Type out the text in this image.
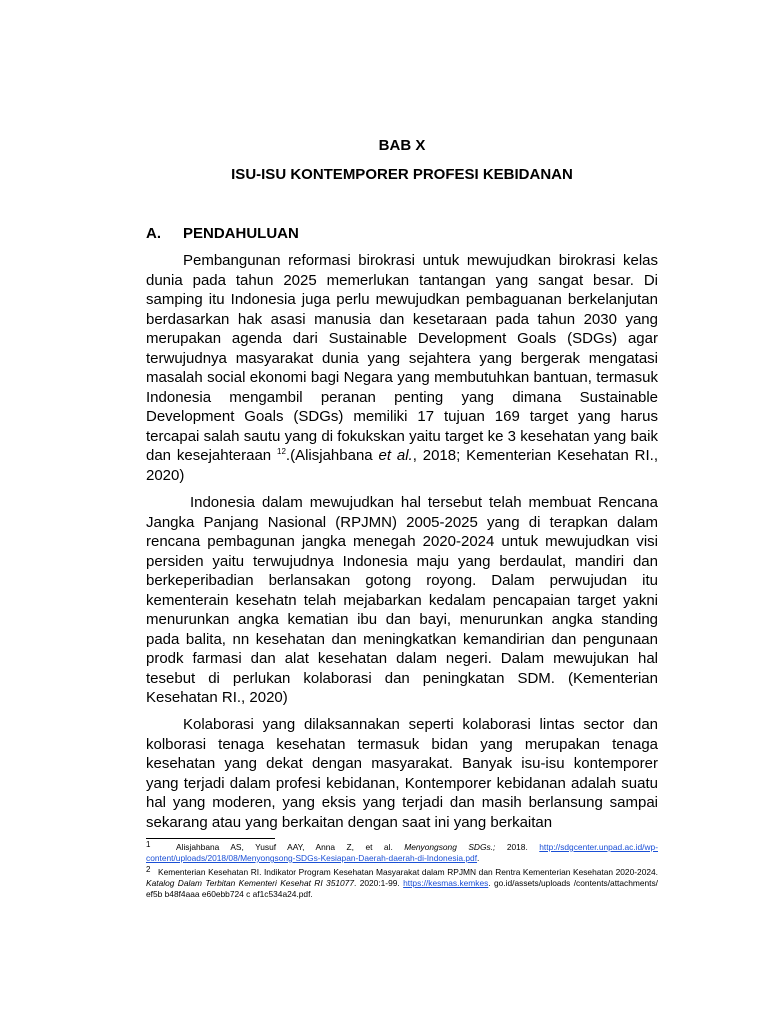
BAB X
ISU-ISU KONTEMPORER PROFESI KEBIDANAN
A. PENDAHULUAN

Pembangunan reformasi birokrasi untuk mewujudkan birokrasi kelas dunia pada tahun 2025 memerlukan tantangan yang sangat besar. Di samping itu Indonesia juga perlu mewujudkan pembaguanan berkelanjutan berdasarkan hak asasi manusia dan kesetaraan pada tahun 2030 yang merupakan agenda dari Sustainable Development Goals (SDGs) agar terwujudnya masyarakat dunia yang sejahtera yang bergerak mengatasi masalah social ekonomi bagi Negara yang membutuhkan bantuan, termasuk Indonesia mengambil peranan penting yang dimana Sustainable Development Goals (SDGs) memiliki 17 tujuan 169 target yang harus tercapai salah sautu yang di fokukskan yaitu target ke 3 kesehatan yang baik dan kesejahteraan $^{12}$.(Alisjahbana et al., 2018; Kementerian Kesehatan RI., 2020)

Indonesia dalam mewujudkan hal tersebut telah membuat Rencana Jangka Panjang Nasional (RPJMN) 2005-2025 yang di terapkan dalam rencana pembagunan jangka menegah 2020-2024 untuk mewujudkan visi persiden yaitu terwujudnya Indonesia maju yang berdaulat, mandiri dan berkeperibadian berlansakan gotong royong. Dalam perwujudan itu kementerain kesehatn telah mejabarkan kedalam pencapaian target yakni menurunkan angka kematian ibu dan bayi, menurunkan angka standing pada balita, nn kesehatan dan meningkatkan kemandirian dan pengunaan prodk farmasi dan alat kesehatan dalam negeri. Dalam mewujukan hal tesebut di perlukan kolaborasi dan peningkatan SDM. (Kementerian Kesehatan RI., 2020)

Kolaborasi yang dilaksannakan seperti kolaborasi lintas sector dan kolborasi tenaga kesehatan termasuk bidan yang merupakan tenaga kesehatan yang dekat dengan masyarakat. Banyak isu-isu kontemporer yang terjadi dalam profesi kebidanan, Kontemporer kebidanan adalah suatu hal yang moderen, yang eksis yang terjadi dan masih berlansung sampai sekarang atau yang berkaitan dengan saat ini yang berkaitan

1	Alisjahbana AS, Yusuf AAY, Anna Z, et al. Menyongsong SDGs.; 2018. http://sdgcenter.unpad.ac.id/wp-content/uploads/2018/08/Menyongsong-SDGs-Kesiapan-Daerah-daerah-di-Indonesia.pdf.

2 Kementerian Kesehatan RI. Indikator Program Kesehatan Masyarakat dalam RPJMN dan Rentra Kementerian Kesehatan 2020-2024. Katalog Dalam Terbitan Kementeri Kesehat RI 351077. 2020:1-99. https://kesmas.kemkes. go.id/assets/uploads /contents/attachments/ ef5b b48f4aaa e60ebb724 c af1c534a24.pdf.
